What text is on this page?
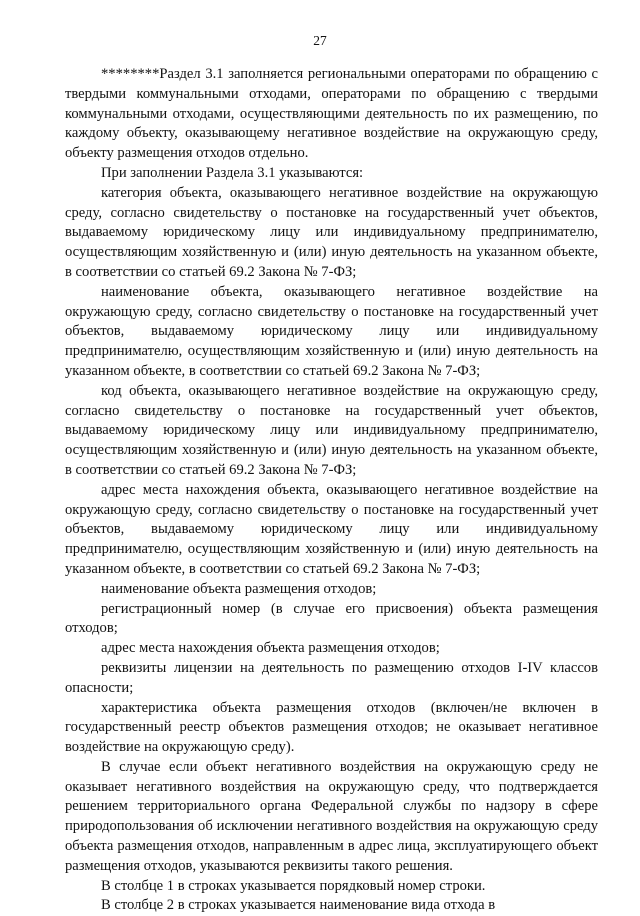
27

********Раздел 3.1 заполняется региональными операторами по обращению с твердыми коммунальными отходами, операторами по обращению с твердыми коммунальными отходами, осуществляющими деятельность по их размещению, по каждому объекту, оказывающему негативное воздействие на окружающую среду, объекту размещения отходов отдельно.

При заполнении Раздела 3.1 указываются:

категория объекта, оказывающего негативное воздействие на окружающую среду, согласно свидетельству о постановке на государственный учет объектов, выдаваемому юридическому лицу или индивидуальному предпринимателю, осуществляющим хозяйственную и (или) иную деятельность на указанном объекте, в соответствии со статьей 69.2 Закона № 7-ФЗ;

наименование объекта, оказывающего негативное воздействие на окружающую среду, согласно свидетельству о постановке на государственный учет объектов, выдаваемому юридическому лицу или индивидуальному предпринимателю, осуществляющим хозяйственную и (или) иную деятельность на указанном объекте, в соответствии со статьей 69.2 Закона № 7-ФЗ;

код объекта, оказывающего негативное воздействие на окружающую среду, согласно свидетельству о постановке на государственный учет объектов, выдаваемому юридическому лицу или индивидуальному предпринимателю, осуществляющим хозяйственную и (или) иную деятельность на указанном объекте, в соответствии со статьей 69.2 Закона № 7-ФЗ;

адрес места нахождения объекта, оказывающего негативное воздействие на окружающую среду, согласно свидетельству о постановке на государственный учет объектов, выдаваемому юридическому лицу или индивидуальному предпринимателю, осуществляющим хозяйственную и (или) иную деятельность на указанном объекте, в соответствии со статьей 69.2 Закона № 7-ФЗ;

наименование объекта размещения отходов;

регистрационный номер (в случае его присвоения) объекта размещения отходов;

адрес места нахождения объекта размещения отходов;

реквизиты лицензии на деятельность по размещению отходов I-IV классов опасности;

характеристика объекта размещения отходов (включен/не включен в государственный реестр объектов размещения отходов; не оказывает негативное воздействие на окружающую среду).

В случае если объект негативного воздействия на окружающую среду не оказывает негативного воздействия на окружающую среду, что подтверждается решением территориального органа Федеральной службы по надзору в сфере природопользования об исключении негативного воздействия на окружающую среду объекта размещения отходов, направленным в адрес лица, эксплуатирующего объект размещения отходов, указываются реквизиты такого решения.

В столбце 1 в строках указывается порядковый номер строки.

В столбце 2 в строках указывается наименование вида отхода в
